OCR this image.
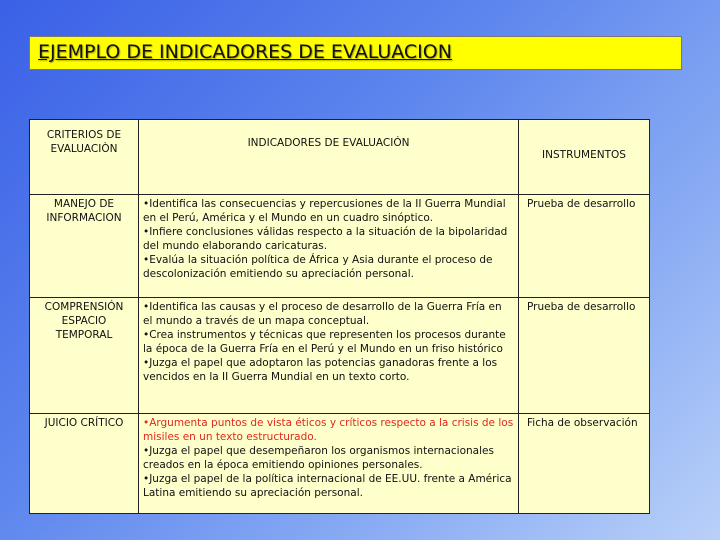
EJEMPLO DE INDICADORES DE EVALUACION
CRITERIOS DE EVALUACIÒN	INDICADORES DE EVALUACIÓN	INSTRUMENTOS
MANEJO DE INFORMACION	•Identifica las consecuencias y repercusiones de la II Guerra Mundial en el Perú, América y el Mundo en un cuadro sinóptico.
•Infiere conclusiones válidas respecto a la situación de la bipolaridad del mundo elaborando caricaturas.
•Evalúa la situación política de África y Asia durante el proceso de descolonización emitiendo su apreciación personal.	Prueba de desarrollo
COMPRENSIÓN ESPACIO TEMPORAL	•Identifica las causas y el proceso de desarrollo de la Guerra Fría en el mundo a través de un mapa conceptual.
•Crea instrumentos y técnicas que representen los procesos durante la época de la Guerra Fría en el Perú y el Mundo en un friso histórico
•Juzga el papel que adoptaron las potencias ganadoras frente a los vencidos en la II Guerra Mundial en un texto corto.	Prueba de desarrollo
JUICIO CRÍTICO	•Argumenta puntos de vista éticos y críticos respecto a la crisis de los misiles en un texto estructurado.
•Juzga el papel que desempeñaron los organismos internacionales creados en la época emitiendo opiniones personales.
•Juzga el papel de la política internacional de EE.UU. frente a América Latina emitiendo su apreciación personal.	Ficha de observación
